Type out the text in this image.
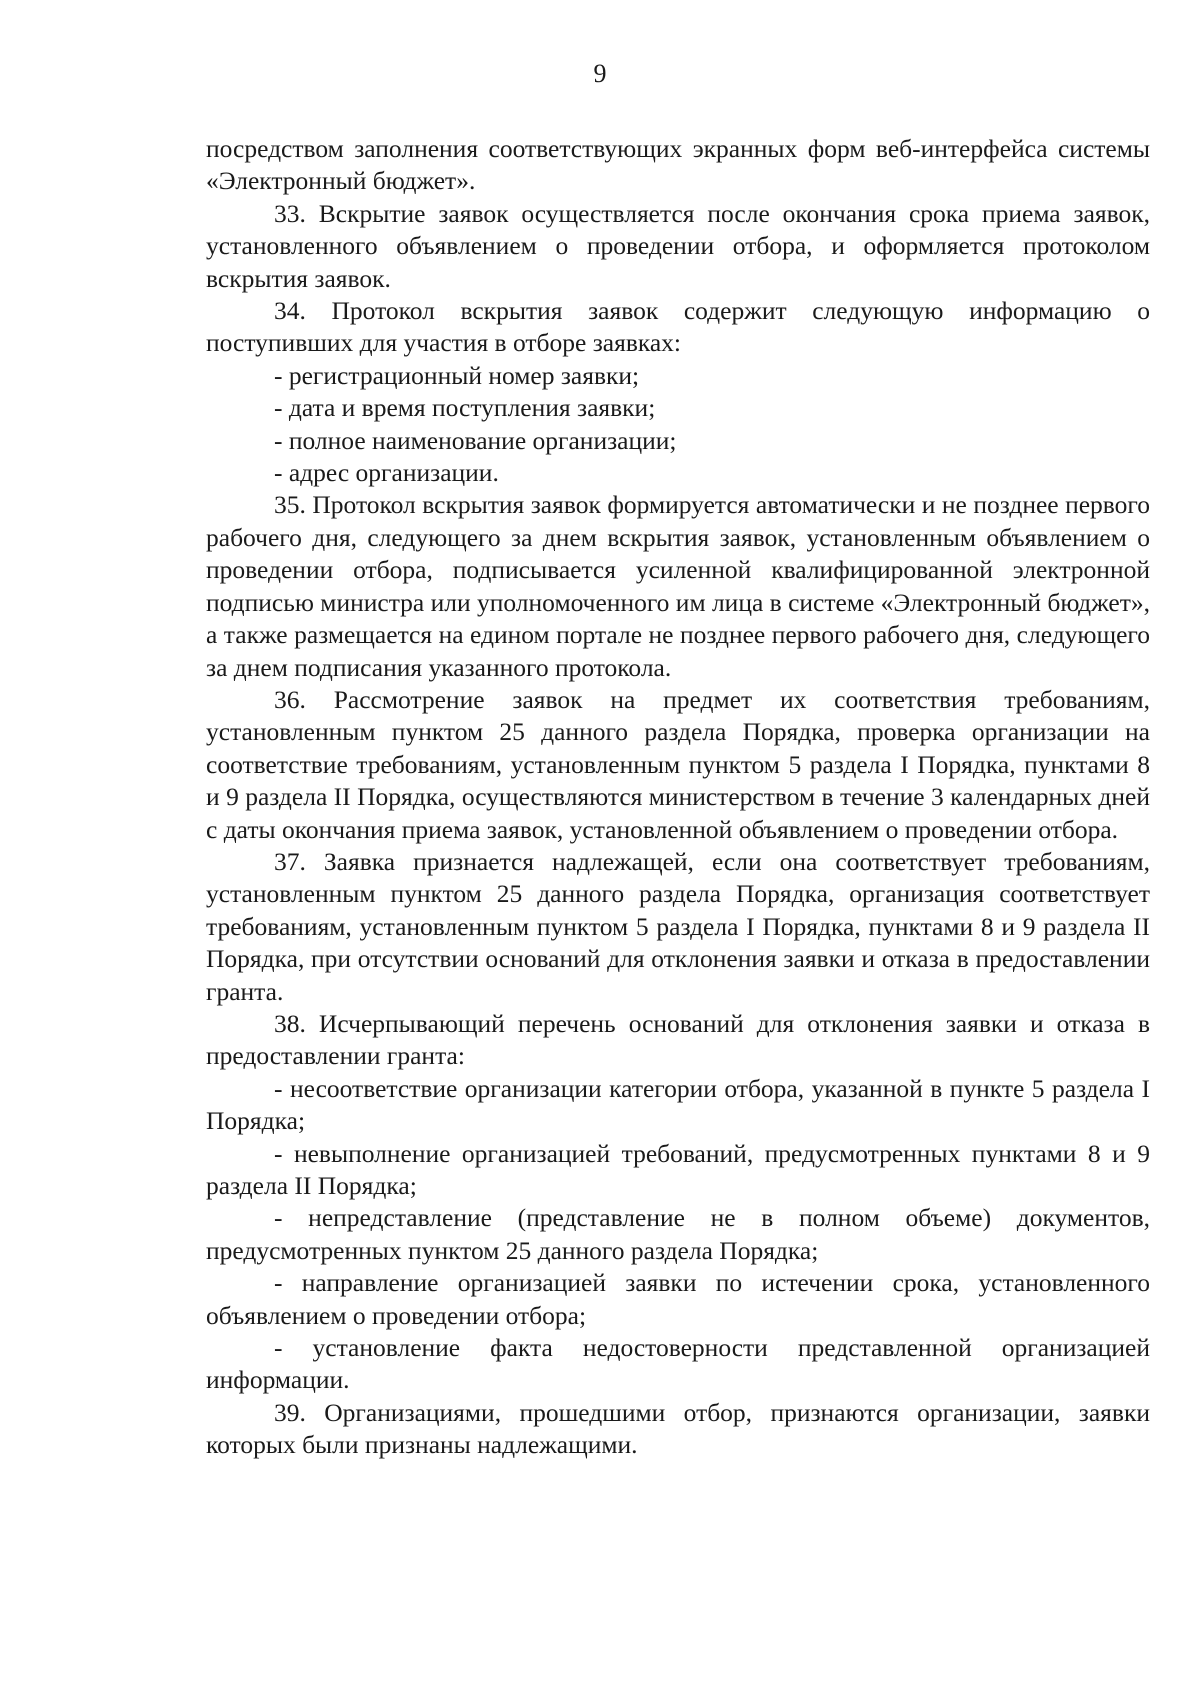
9

посредством заполнения соответствующих экранных форм веб-интерфейса системы «Электронный бюджет».

33. Вскрытие заявок осуществляется после окончания срока приема заявок, установленного объявлением о проведении отбора, и оформляется протоколом вскрытия заявок.

34. Протокол вскрытия заявок содержит следующую информацию о поступивших для участия в отборе заявках:

- регистрационный номер заявки;

- дата и время поступления заявки;

- полное наименование организации;

- адрес организации.

35. Протокол вскрытия заявок формируется автоматически и не позднее первого рабочего дня, следующего за днем вскрытия заявок, установленным объявлением о проведении отбора, подписывается усиленной квалифицированной электронной подписью министра или уполномоченного им лица в системе «Электронный бюджет», а также размещается на едином портале не позднее первого рабочего дня, следующего за днем подписания указанного протокола.

36. Рассмотрение заявок на предмет их соответствия требованиям, установленным пунктом 25 данного раздела Порядка, проверка организации на соответствие требованиям, установленным пунктом 5 раздела I Порядка, пунктами 8 и 9 раздела II Порядка, осуществляются министерством в течение 3 календарных дней с даты окончания приема заявок, установленной объявлением о проведении отбора.

37. Заявка признается надлежащей, если она соответствует требованиям, установленным пунктом 25 данного раздела Порядка, организация соответствует требованиям, установленным пунктом 5 раздела I Порядка, пунктами 8 и 9 раздела II Порядка, при отсутствии оснований для отклонения заявки и отказа в предоставлении гранта.

38. Исчерпывающий перечень оснований для отклонения заявки и отказа в предоставлении гранта:

- несоответствие организации категории отбора, указанной в пункте 5 раздела I Порядка;

- невыполнение организацией требований, предусмотренных пунктами 8 и 9 раздела II Порядка;

- непредставление (представление не в полном объеме) документов, предусмотренных пунктом 25 данного раздела Порядка;

- направление организацией заявки по истечении срока, установленного объявлением о проведении отбора;

- установление факта недостоверности представленной организацией информации.

39. Организациями, прошедшими отбор, признаются организации, заявки которых были признаны надлежащими.
